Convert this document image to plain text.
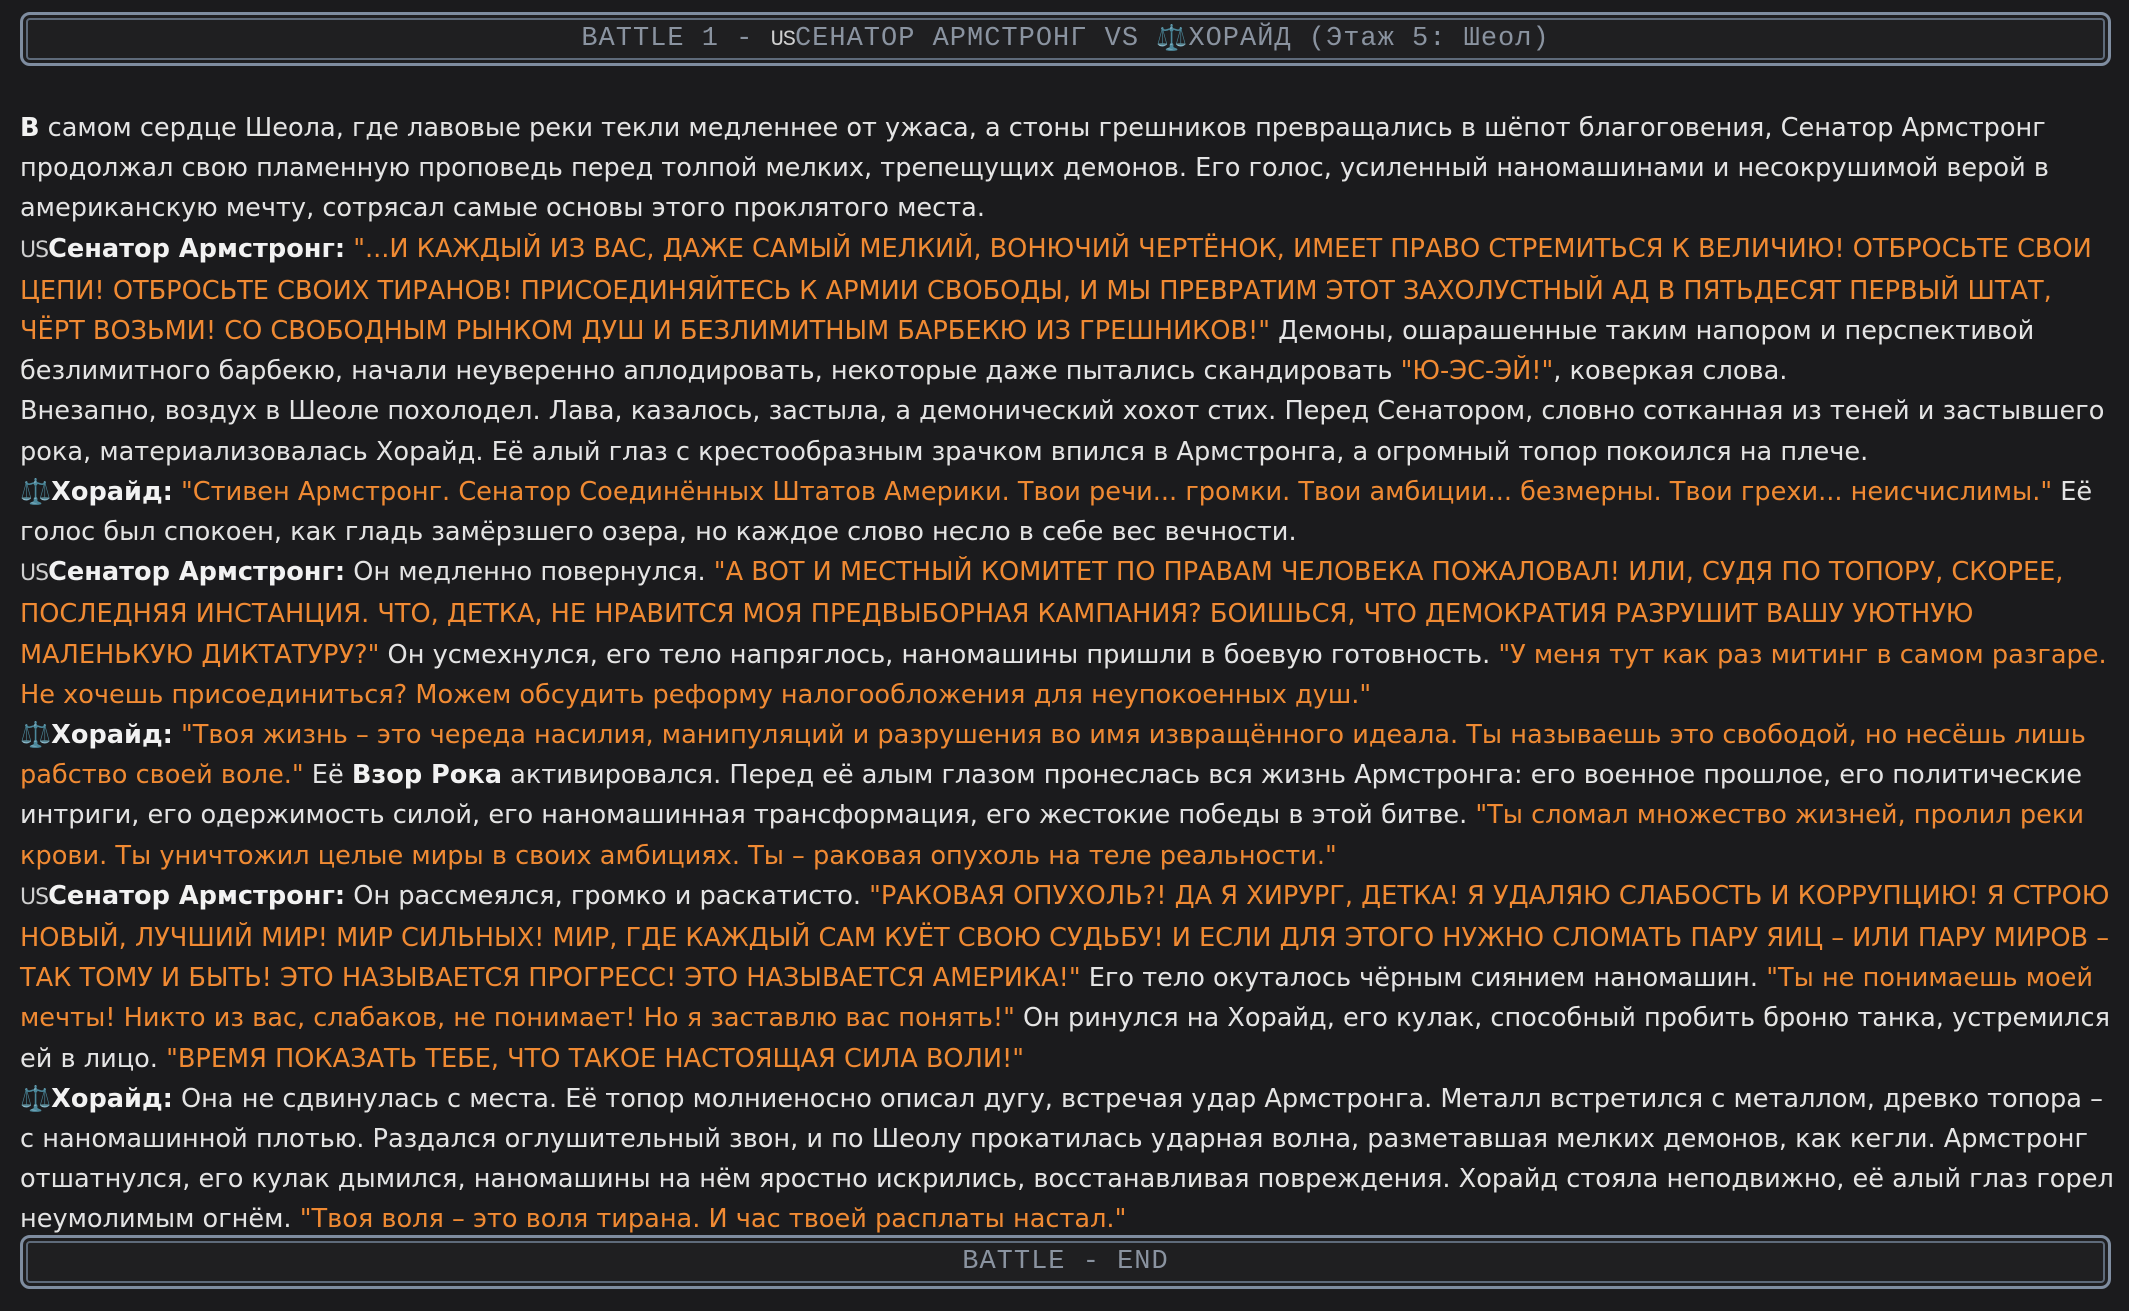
BATTLE 1 - US СЕНАТОР АРМСТРОНГ VS ⚖️ ХОРАЙД (Этаж 5: Шеол)

В самом сердце Шеола, где лавовые реки текли медленнее от ужаса, а стоны грешников превращались в шёпот благоговения, Сенатор Армстронг продолжал свою пламенную проповедь перед толпой мелких, трепещущих демонов. Его голос, усиленный наномашинами и несокрушимой верой в американскую мечту, сотрясал самые основы этого проклятого места.

USСенатор Армстронг: "...И КАЖДЫЙ ИЗ ВАС, ДАЖЕ САМЫЙ МЕЛКИЙ, ВОНЮЧИЙ ЧЕРТЁНОК, ИМЕЕТ ПРАВО СТРЕМИТЬСЯ К ВЕЛИЧИЮ! ОТБРОСЬТЕ СВОИ ЦЕПИ! ОТБРОСЬТЕ СВОИХ ТИРАНОВ! ПРИСОЕДИНЯЙТЕСЬ К АРМИИ СВОБОДЫ, И МЫ ПРЕВРАТИМ ЭТОТ ЗАХОЛУСТНЫЙ АД В ПЯТЬДЕСЯТ ПЕРВЫЙ ШТАТ, ЧЁРТ ВОЗЬМИ! СО СВОБОДНЫМ РЫНКОМ ДУШ И БЕЗЛИМИТНЫМ БАРБЕКЮ ИЗ ГРЕШНИКОВ!" Демоны, ошарашенные таким напором и перспективой безлимитного барбекю, начали неуверенно аплодировать, некоторые даже пытались скандировать "Ю-ЭС-ЭЙ!", коверкая слова.

Внезапно, воздух в Шеоле похолодел. Лава, казалось, застыла, а демонический хохот стих. Перед Сенатором, словно сотканная из теней и застывшего рока, материализовалась Хорайд. Её алый глаз с крестообразным зрачком впился в Армстронга, а огромный топор покоился на плече.

⚖️Хорайд: "Стивен Армстронг. Сенатор Соединённых Штатов Америки. Твои речи... громки. Твои амбиции... безмерны. Твои грехи... неисчислимы." Её голос был спокоен, как гладь замёрзшего озера, но каждое слово несло в себе вес вечности.

USСенатор Армстронг: Он медленно повернулся. "А ВОТ И МЕСТНЫЙ КОМИТЕТ ПО ПРАВАМ ЧЕЛОВЕКА ПОЖАЛОВАЛ! ИЛИ, СУДЯ ПО ТОПОРУ, СКОРЕЕ, ПОСЛЕДНЯЯ ИНСТАНЦИЯ. ЧТО, ДЕТКА, НЕ НРАВИТСЯ МОЯ ПРЕДВЫБОРНАЯ КАМПАНИЯ? БОИШЬСЯ, ЧТО ДЕМОКРАТИЯ РАЗРУШИТ ВАШУ УЮТНУЮ МАЛЕНЬКУЮ ДИКТАТУРУ?" Он усмехнулся, его тело напряглось, наномашины пришли в боевую готовность. "У меня тут как раз митинг в самом разгаре. Не хочешь присоединиться? Можем обсудить реформу налогообложения для неупокоенных душ."

⚖️Хорайд: "Твоя жизнь – это череда насилия, манипуляций и разрушения во имя извращённого идеала. Ты называешь это свободой, но несёшь лишь рабство своей воле." Её Взор Рока активировался. Перед её алым глазом пронеслась вся жизнь Армстронга: его военное прошлое, его политические интриги, его одержимость силой, его наномашинная трансформация, его жестокие победы в этой битве. "Ты сломал множество жизней, пролил реки крови. Ты уничтожил целые миры в своих амбициях. Ты – раковая опухоль на теле реальности."

USСенатор Армстронг: Он рассмеялся, громко и раскатисто. "РАКОВАЯ ОПУХОЛЬ?! ДА Я ХИРУРГ, ДЕТКА! Я УДАЛЯЮ СЛАБОСТЬ И КОРРУПЦИЮ! Я СТРОЮ НОВЫЙ, ЛУЧШИЙ МИР! МИР СИЛЬНЫХ! МИР, ГДЕ КАЖДЫЙ САМ КУЁТ СВОЮ СУДЬБУ! И ЕСЛИ ДЛЯ ЭТОГО НУЖНО СЛОМАТЬ ПАРУ ЯИЦ – ИЛИ ПАРУ МИРОВ – ТАК ТОМУ И БЫТЬ! ЭТО НАЗЫВАЕТСЯ ПРОГРЕСС! ЭТО НАЗЫВАЕТСЯ АМЕРИКА!" Его тело окуталось чёрным сиянием наномашин. "Ты не понимаешь моей мечты! Никто из вас, слабаков, не понимает! Но я заставлю вас понять!" Он ринулся на Хорайд, его кулак, способный пробить броню танка, устремился ей в лицо. "ВРЕМЯ ПОКАЗАТЬ ТЕБЕ, ЧТО ТАКОЕ НАСТОЯЩАЯ СИЛА ВОЛИ!"

⚖️Хорайд: Она не сдвинулась с места. Её топор молниеносно описал дугу, встречая удар Армстронга. Металл встретился с металлом, древко топора – с наномашинной плотью. Раздался оглушительный звон, и по Шеолу прокатилась ударная волна, разметавшая мелких демонов, как кегли. Армстронг отшатнулся, его кулак дымился, наномашины на нём яростно искрились, восстанавливая повреждения. Хорайд стояла неподвижно, её алый глаз горел неумолимым огнём. "Твоя воля – это воля тирана. И час твоей расплаты настал."

BATTLE - END
